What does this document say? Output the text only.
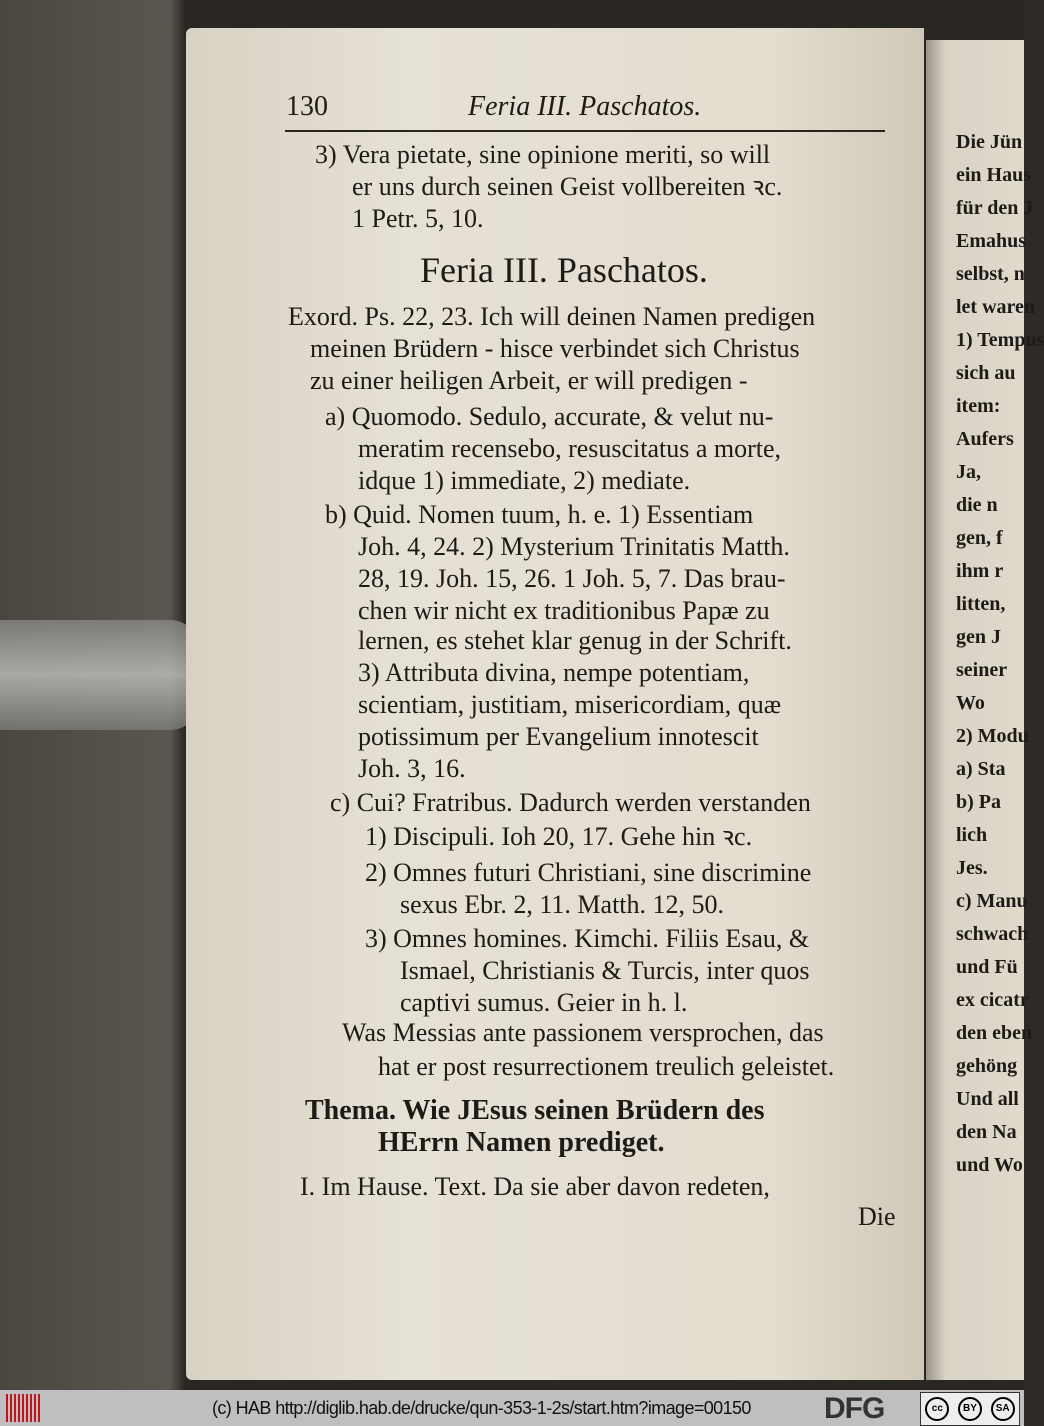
Die Jün
ein Haus
für den J
Emahus
selbst, n
let waren
1) Tempus
sich au
item:
Aufers
Ja,
die n
gen, f
ihm r
litten,
gen J
seiner
Wo
2) Modu
a) Sta
b) Pa
lich
Jes.
c) Manu
schwach
und Fü
ex cicatr
den eben
gehöng
Und all
den Na
und Wo
130	Feria III. Paschatos.
3) Vera pietate, sine opinione meriti, so will
er uns durch seinen Geist vollbereiten ꝛc.
1 Petr. 5, 10.
Feria III. Paschatos.
Exord. Ps. 22, 23. Ich will deinen Namen predigen
meinen Brüdern - hisce verbindet sich Christus
zu einer heiligen Arbeit, er will predigen -
a) Quomodo. Sedulo, accurate, & velut nu-
meratim recensebo, resuscitatus a morte,
idque 1) immediate, 2) mediate.
b) Quid. Nomen tuum, h. e. 1) Essentiam
Joh. 4, 24. 2) Mysterium Trinitatis Matth.
28, 19. Joh. 15, 26. 1 Joh. 5, 7. Das brau-
chen wir nicht ex traditionibus Papæ zu
lernen, es stehet klar genug in der Schrift.
3) Attributa divina, nempe potentiam,
scientiam, justitiam, misericordiam, quæ
potissimum per Evangelium innotescit
Joh. 3, 16.
c) Cui? Fratribus. Dadurch werden verstanden
1) Discipuli. Ioh 20, 17. Gehe hin ꝛc.
2) Omnes futuri Christiani, sine discrimine
sexus Ebr. 2, 11. Matth. 12, 50.
3) Omnes homines. Kimchi. Filiis Esau, &
Ismael, Christianis & Turcis, inter quos
captivi sumus. Geier in h. l.
Was Messias ante passionem versprochen, das
hat er post resurrectionem treulich geleistet.
Thema. Wie JEsus seinen Brüdern des
HErrn Namen prediget.
I. Im Hause. Text. Da sie aber davon redeten,
Die
(c) HAB http://diglib.hab.de/drucke/qun-353-1-2s/start.htm?image=00150 DFG	cc	BY	SA
